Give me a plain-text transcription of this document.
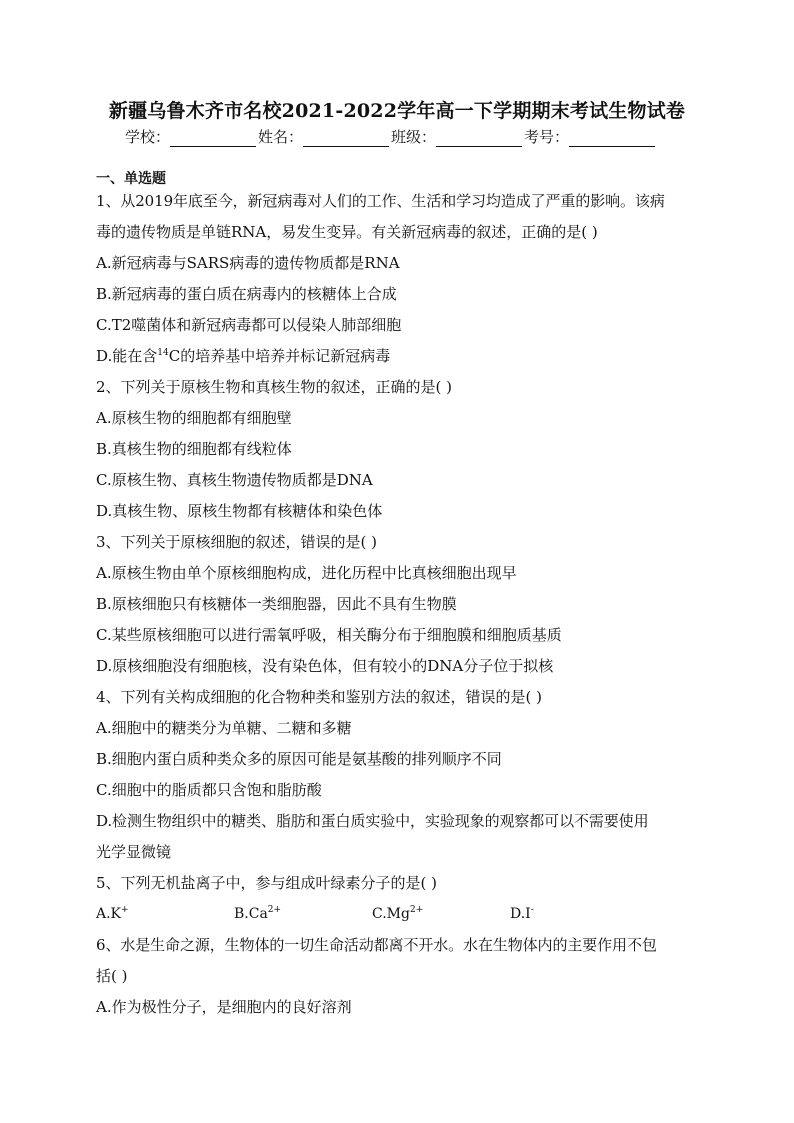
新疆乌鲁木齐市名校2021-2022学年高一下学期期末考试生物试卷
学校：	姓名：	班级：	考号：
一、单选题
1、从2019年底至今，新冠病毒对人们的工作、生活和学习均造成了严重的影响。该病
毒的遗传物质是单链RNA，易发生变异。有关新冠病毒的叙述，正确的是( )
A.新冠病毒与SARS病毒的遗传物质都是RNA
B.新冠病毒的蛋白质在病毒内的核糖体上合成
C.T2噬菌体和新冠病毒都可以侵染人肺部细胞
D.能在含$^{14}$C的培养基中培养并标记新冠病毒
2、下列关于原核生物和真核生物的叙述，正确的是( )
A.原核生物的细胞都有细胞壁
B.真核生物的细胞都有线粒体
C.原核生物、真核生物遗传物质都是DNA
D.真核生物、原核生物都有核糖体和染色体
3、下列关于原核细胞的叙述，错误的是( )
A.原核生物由单个原核细胞构成，进化历程中比真核细胞出现早
B.原核细胞只有核糖体一类细胞器，因此不具有生物膜
C.某些原核细胞可以进行需氧呼吸，相关酶分布于细胞膜和细胞质基质
D.原核细胞没有细胞核，没有染色体，但有较小的DNA分子位于拟核
4、下列有关构成细胞的化合物种类和鉴别方法的叙述，错误的是( )
A.细胞中的糖类分为单糖、二糖和多糖
B.细胞内蛋白质种类众多的原因可能是氨基酸的排列顺序不同
C.细胞中的脂质都只含饱和脂肪酸
D.检测生物组织中的糖类、脂肪和蛋白质实验中，实验现象的观察都可以不需要使用
光学显微镜
5、下列无机盐离子中，参与组成叶绿素分子的是( )
A.K+	$B.Ca^{2+}$	$C.Mg^{2+}$	D.I-
6、水是生命之源，生物体的一切生命活动都离不开水。水在生物体内的主要作用不包
括( )
A.作为极性分子，是细胞内的良好溶剂
